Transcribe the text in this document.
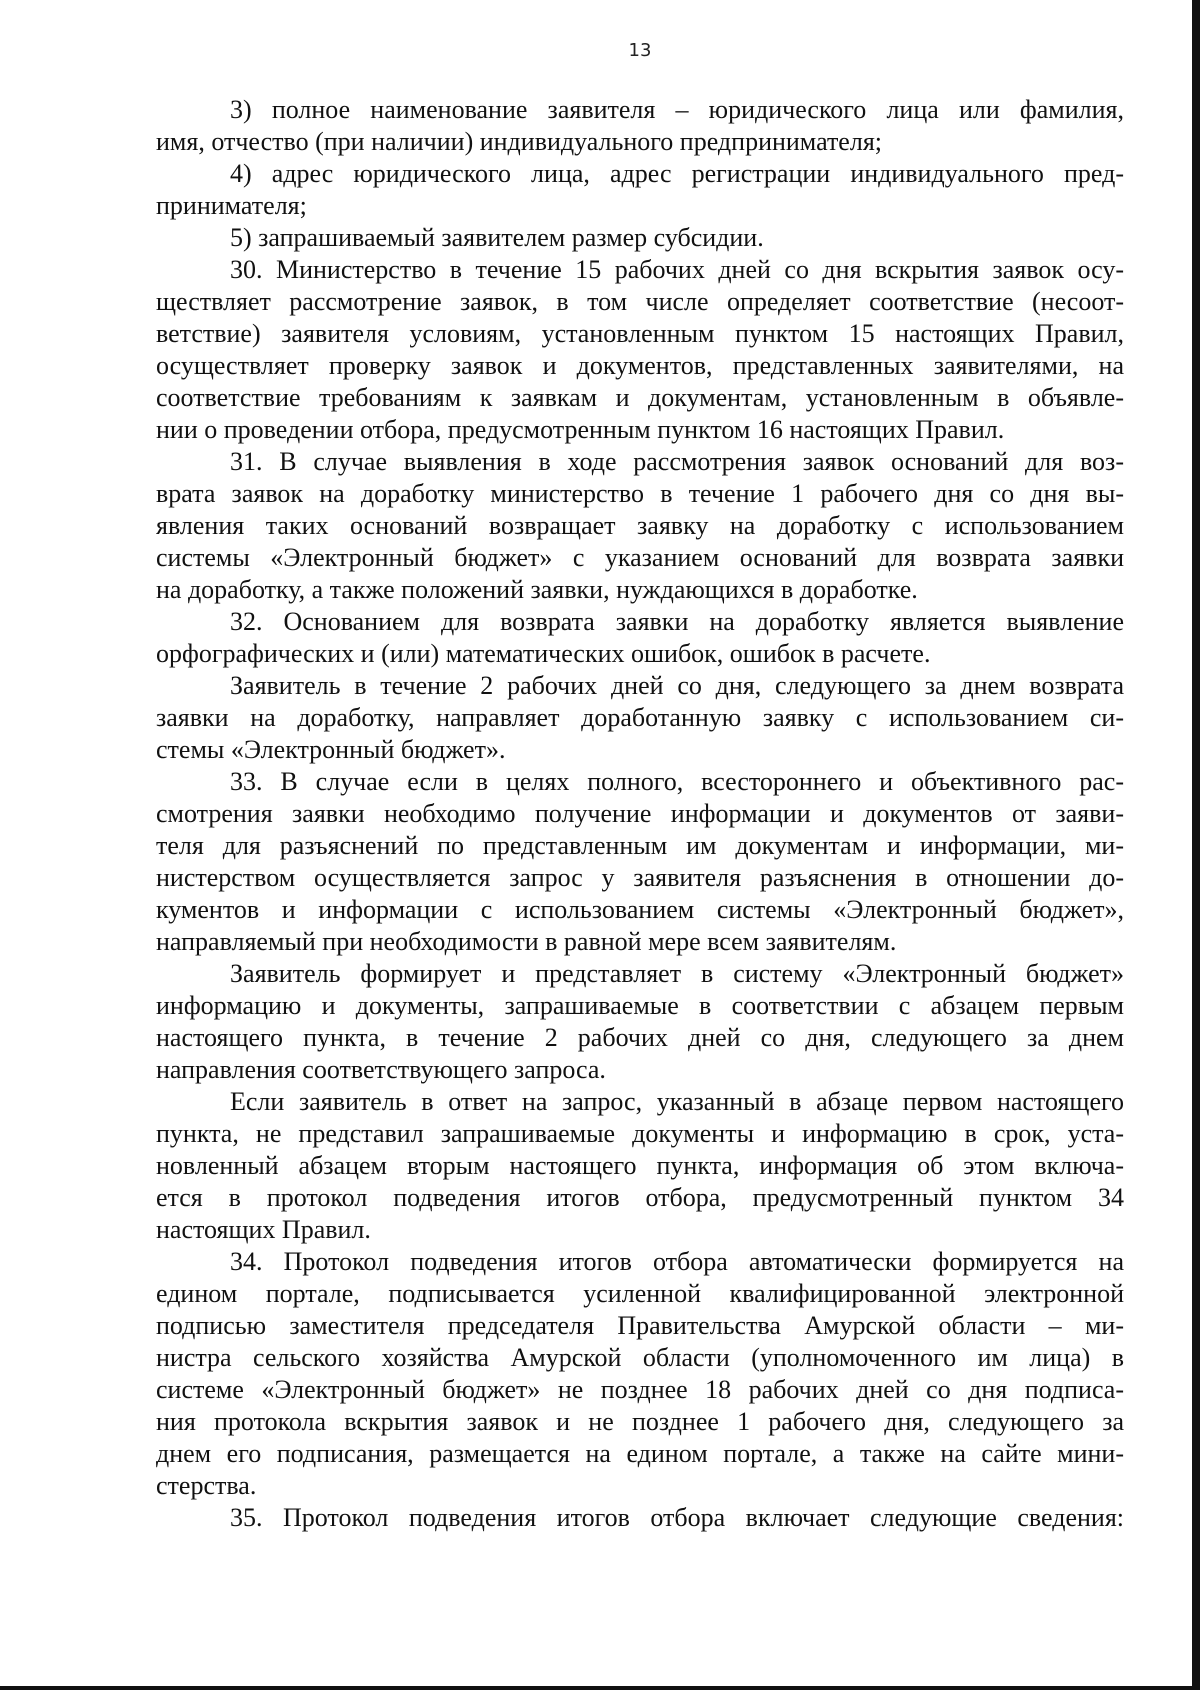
13
3) полное наименование заявителя – юридического лица или фамилия,
имя, отчество (при наличии) индивидуального предпринимателя;
4) адрес юридического лица, адрес регистрации индивидуального пред-
принимателя;
5) запрашиваемый заявителем размер субсидии.
30. Министерство в течение 15 рабочих дней со дня вскрытия заявок осу-
ществляет рассмотрение заявок, в том числе определяет соответствие (несоот-
ветствие) заявителя условиям, установленным пунктом 15 настоящих Правил,
осуществляет проверку заявок и документов, представленных заявителями, на
соответствие требованиям к заявкам и документам, установленным в объявле-
нии о проведении отбора, предусмотренным пунктом 16 настоящих Правил.
31. В случае выявления в ходе рассмотрения заявок оснований для воз-
врата заявок на доработку министерство в течение 1 рабочего дня со дня вы-
явления таких оснований возвращает заявку на доработку с использованием
системы «Электронный бюджет» с указанием оснований для возврата заявки
на доработку, а также положений заявки, нуждающихся в доработке.
32. Основанием для возврата заявки на доработку является выявление
орфографических и (или) математических ошибок, ошибок в расчете.
Заявитель в течение 2 рабочих дней со дня, следующего за днем возврата
заявки на доработку, направляет доработанную заявку с использованием си-
стемы «Электронный бюджет».
33. В случае если в целях полного, всестороннего и объективного рас-
смотрения заявки необходимо получение информации и документов от заяви-
теля для разъяснений по представленным им документам и информации, ми-
нистерством осуществляется запрос у заявителя разъяснения в отношении до-
кументов и информации с использованием системы «Электронный бюджет»,
направляемый при необходимости в равной мере всем заявителям.
Заявитель формирует и представляет в систему «Электронный бюджет»
информацию и документы, запрашиваемые в соответствии с абзацем первым
настоящего пункта, в течение 2 рабочих дней со дня, следующего за днем
направления соответствующего запроса.
Если заявитель в ответ на запрос, указанный в абзаце первом настоящего
пункта, не представил запрашиваемые документы и информацию в срок, уста-
новленный абзацем вторым настоящего пункта, информация об этом включа-
ется в протокол подведения итогов отбора, предусмотренный пунктом 34
настоящих Правил.
34. Протокол подведения итогов отбора автоматически формируется на
едином портале, подписывается усиленной квалифицированной электронной
подписью заместителя председателя Правительства Амурской области – ми-
нистра сельского хозяйства Амурской области (уполномоченного им лица) в
системе «Электронный бюджет» не позднее 18 рабочих дней со дня подписа-
ния протокола вскрытия заявок и не позднее 1 рабочего дня, следующего за
днем его подписания, размещается на едином портале, а также на сайте мини-
стерства.
35. Протокол подведения итогов отбора включает следующие сведения:
